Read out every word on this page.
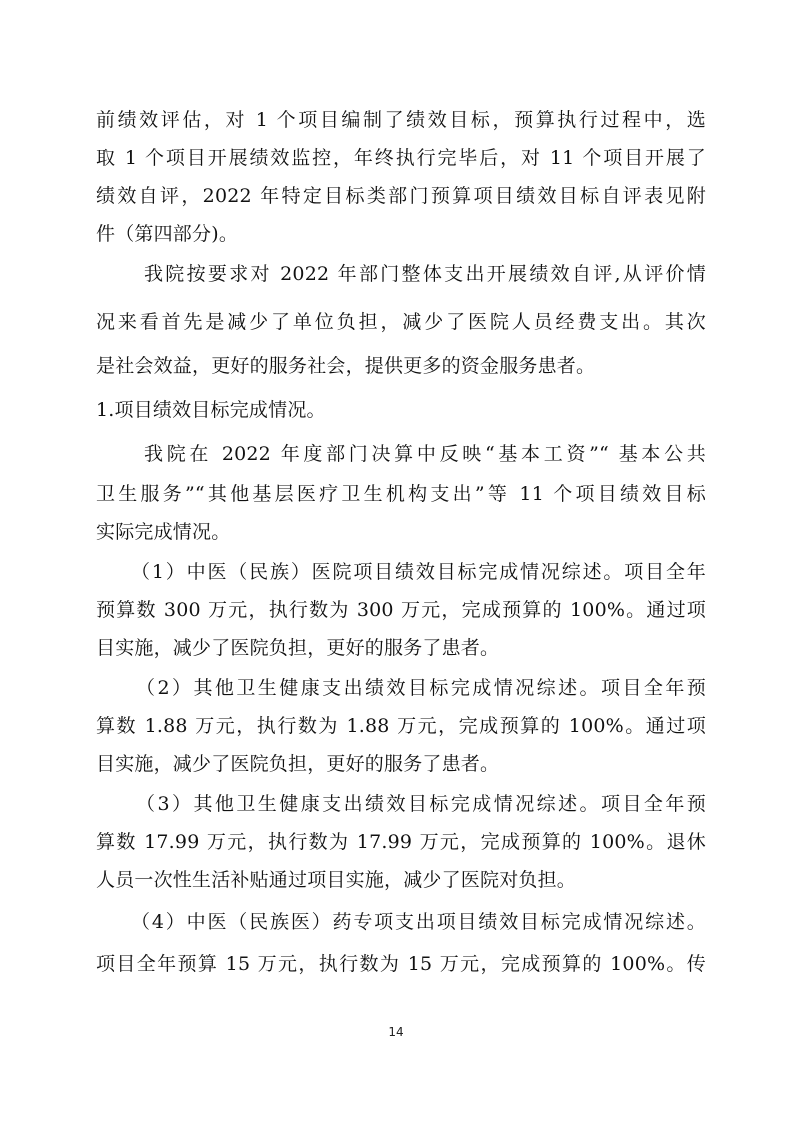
前绩效评估，对 1 个项目编制了绩效目标，预算执行过程中，选
取 1 个项目开展绩效监控，年终执行完毕后，对 11 个项目开展了
绩效自评，2022 年特定目标类部门预算项目绩效目标自评表见附
件（第四部分)。
我院按要求对 2022 年部门整体支出开展绩效自评,从评价情
况来看首先是减少了单位负担，减少了医院人员经费支出。其次
是社会效益，更好的服务社会，提供更多的资金服务患者。
1.项目绩效目标完成情况。
我院在 2022 年度部门决算中反映“基本工资”“ 基本公共
卫生服务”“其他基层医疗卫生机构支出”等 11 个项目绩效目标
实际完成情况。
（1）中医（民族）医院项目绩效目标完成情况综述。项目全年
预算数 300 万元，执行数为 300 万元，完成预算的 100%。通过项
目实施，减少了医院负担，更好的服务了患者。
（2）其他卫生健康支出绩效目标完成情况综述。项目全年预
算数 1.88 万元，执行数为 1.88 万元，完成预算的 100%。通过项
目实施，减少了医院负担，更好的服务了患者。
（3）其他卫生健康支出绩效目标完成情况综述。项目全年预
算数 17.99 万元，执行数为 17.99 万元，完成预算的 100%。退休
人员一次性生活补贴通过项目实施，减少了医院对负担。
（4）中医（民族医）药专项支出项目绩效目标完成情况综述。
项目全年预算 15 万元，执行数为 15 万元，完成预算的 100%。传
14
